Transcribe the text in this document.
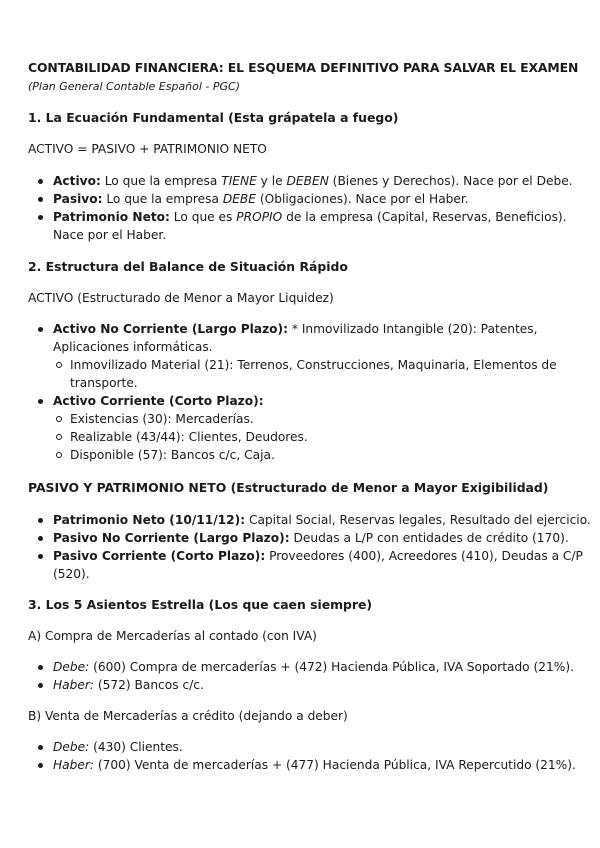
CONTABILIDAD FINANCIERA: EL ESQUEMA DEFINITIVO PARA SALVAR EL EXAMEN
(Plan General Contable Español - PGC)
1. La Ecuación Fundamental (Esta grápatela a fuego)
ACTIVO = PASIVO + PATRIMONIO NETO
Activo: Lo que la empresa TIENE y le DEBEN (Bienes y Derechos). Nace por el Debe.
Pasivo: Lo que la empresa DEBE (Obligaciones). Nace por el Haber.
Patrimonio Neto: Lo que es PROPIO de la empresa (Capital, Reservas, Beneficios).
Nace por el Haber.
2. Estructura del Balance de Situación Rápido
ACTIVO (Estructurado de Menor a Mayor Liquidez)
Activo No Corriente (Largo Plazo): * Inmovilizado Intangible (20): Patentes,
Aplicaciones informáticas.
Inmovilizado Material (21): Terrenos, Construcciones, Maquinaria, Elementos de
transporte.
Activo Corriente (Corto Plazo):
Existencias (30): Mercaderías.
Realizable (43/44): Clientes, Deudores.
Disponible (57): Bancos c/c, Caja.
PASIVO Y PATRIMONIO NETO (Estructurado de Menor a Mayor Exigibilidad)
Patrimonio Neto (10/11/12): Capital Social, Reservas legales, Resultado del ejercicio.
Pasivo No Corriente (Largo Plazo): Deudas a L/P con entidades de crédito (170).
Pasivo Corriente (Corto Plazo): Proveedores (400), Acreedores (410), Deudas a C/P
(520).
3. Los 5 Asientos Estrella (Los que caen siempre)
A) Compra de Mercaderías al contado (con IVA)
Debe: (600) Compra de mercaderías + (472) Hacienda Pública, IVA Soportado (21%).
Haber: (572) Bancos c/c.
B) Venta de Mercaderías a crédito (dejando a deber)
Debe: (430) Clientes.
Haber: (700) Venta de mercaderías + (477) Hacienda Pública, IVA Repercutido (21%).
